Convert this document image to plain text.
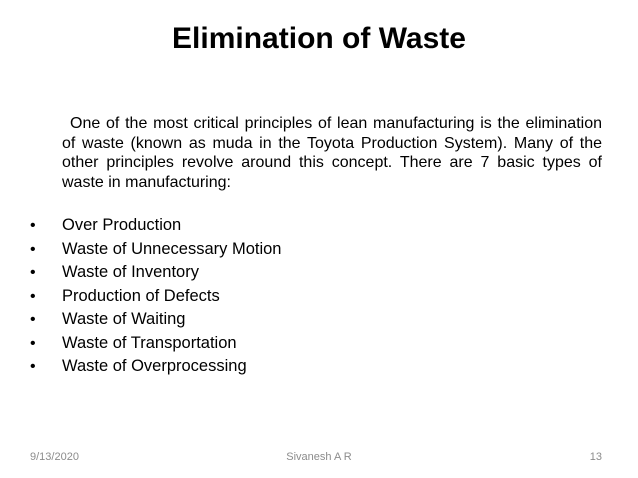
Elimination of Waste
One of the most critical principles of lean manufacturing is the elimination of waste (known as muda in the Toyota Production System). Many of the other principles revolve around this concept. There are 7 basic types of waste in manufacturing:
• Over Production
• Waste of Unnecessary Motion
• Waste of Inventory
• Production of Defects
• Waste of Waiting
• Waste of Transportation
• Waste of Overprocessing
9/13/2020	Sivanesh A R	13
